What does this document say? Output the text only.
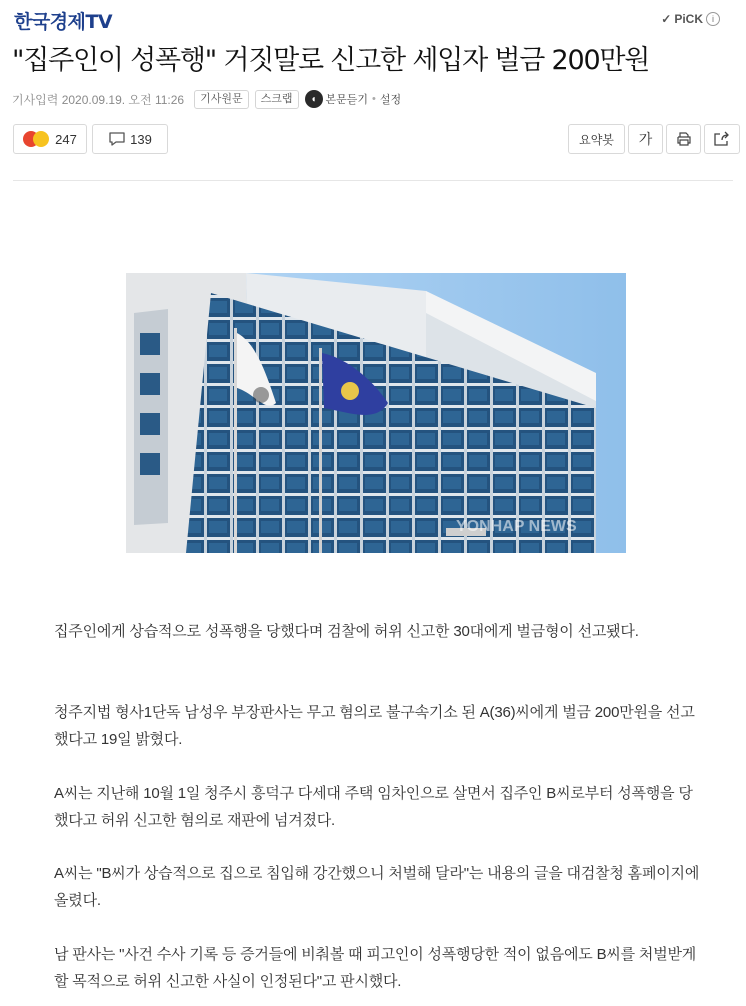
한국경제TV	✓ PiCK	i
"집주인이 성폭행" 거짓말로 신고한 세입자 벌금 200만원
기사입력 2020.09.19. 오전 11:26	기사원문	스크랩	◖ 본문듣기 • 설정
247	139	요약봇	가
YONHAP NEWS

집주인에게 상습적으로 성폭행을 당했다며 검찰에 허위 신고한 30대에게 벌금형이 선고됐다.

청주지법 형사1단독 남성우 부장판사는 무고 혐의로 불구속기소 된 A(36)씨에게 벌금 200만원을 선고했다고 19일 밝혔다.

A씨는 지난해 10월 1일 청주시 흥덕구 다세대 주택 임차인으로 살면서 집주인 B씨로부터 성폭행을 당했다고 허위 신고한 혐의로 재판에 넘겨졌다.

A씨는 "B씨가 상습적으로 집으로 침입해 강간했으니 처벌해 달라"는 내용의 글을 대검찰청 홈페이지에 올렸다.

남 판사는 "사건 수사 기록 등 증거들에 비춰볼 때 피고인이 성폭행당한 적이 없음에도 B씨를 처벌받게 할 목적으로 허위 신고한 사실이 인정된다"고 판시했다.
